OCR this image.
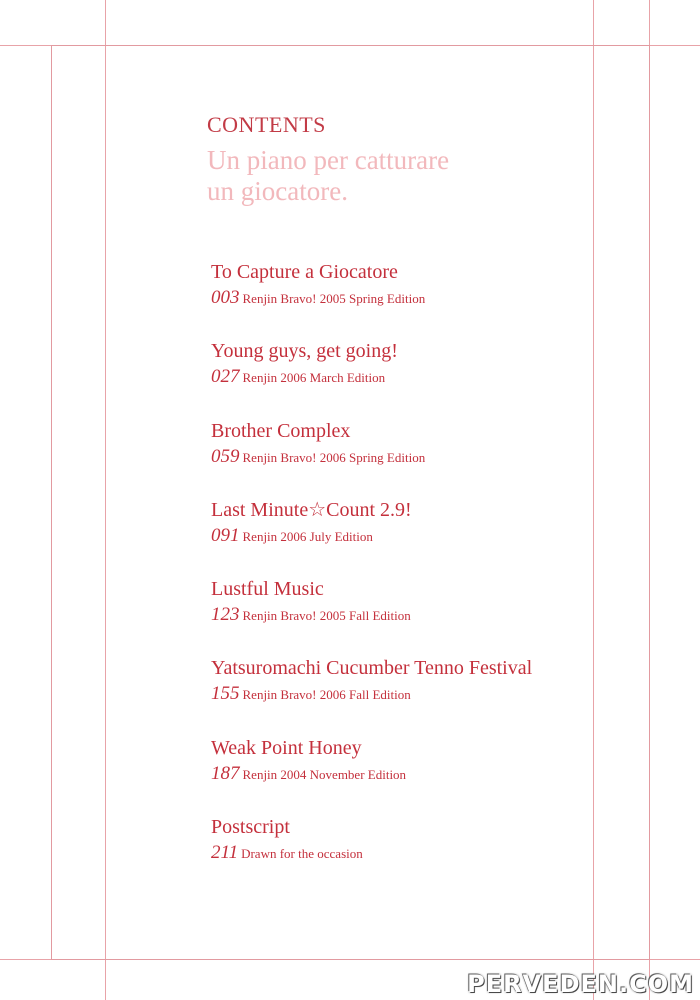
CONTENTS
Un piano per catturare
un giocatore.
To Capture a Giocatore
003 Renjin Bravo! 2005 Spring Edition
Young guys, get going!
027 Renjin 2006 March Edition
Brother Complex
059 Renjin Bravo! 2006 Spring Edition
Last Minute☆Count 2.9!
091 Renjin 2006 July Edition
Lustful Music
123 Renjin Bravo! 2005 Fall Edition
Yatsuromachi Cucumber Tenno Festival
155 Renjin Bravo! 2006 Fall Edition
Weak Point Honey
187 Renjin 2004 November Edition
Postscript
211 Drawn for the occasion
PERVEDEN.COM
